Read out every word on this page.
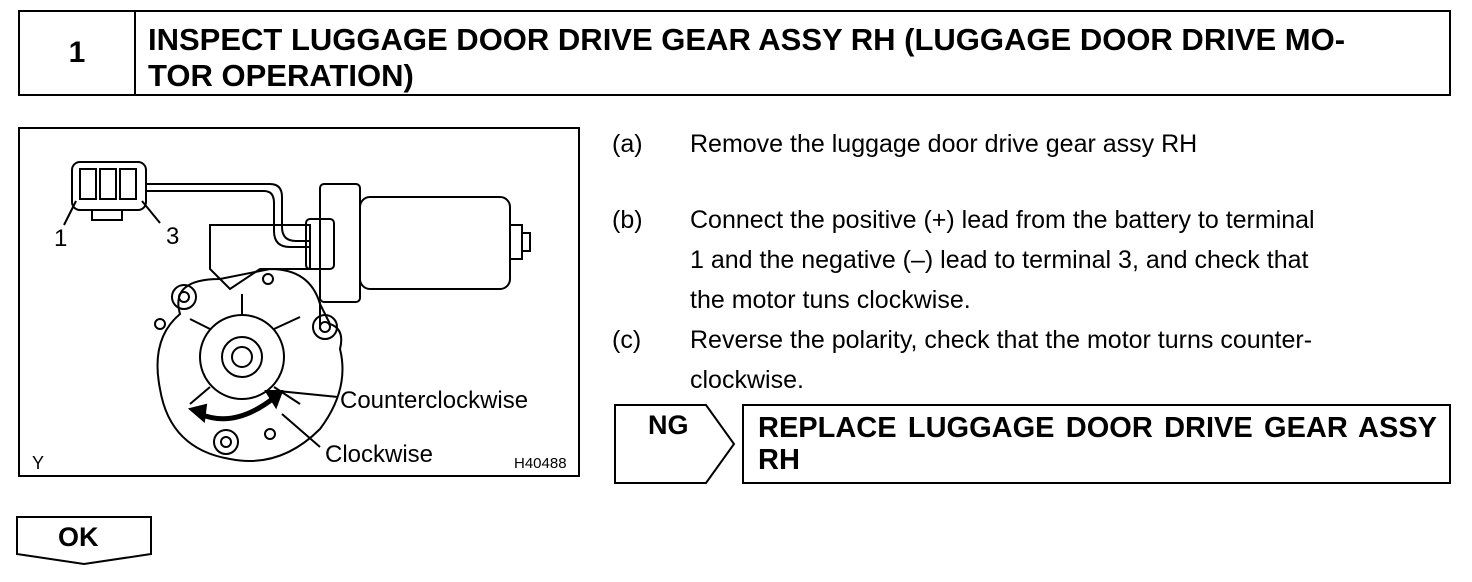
1	INSPECT LUGGAGE DOOR DRIVE GEAR ASSY RH (LUGGAGE DOOR DRIVE MO-
TOR OPERATION)
1	3
Counterclockwise
Clockwise
Y	H40488
(a)	Remove the luggage door drive gear assy RH
(b)	Connect the positive (+) lead from the battery to terminal
1 and the negative (–) lead to terminal 3, and check that
the motor tuns clockwise.
(c)	Reverse the polarity, check that the motor turns counter-
clockwise.
NG	REPLACE LUGGAGE DOOR DRIVE GEAR ASSY RH
OK
